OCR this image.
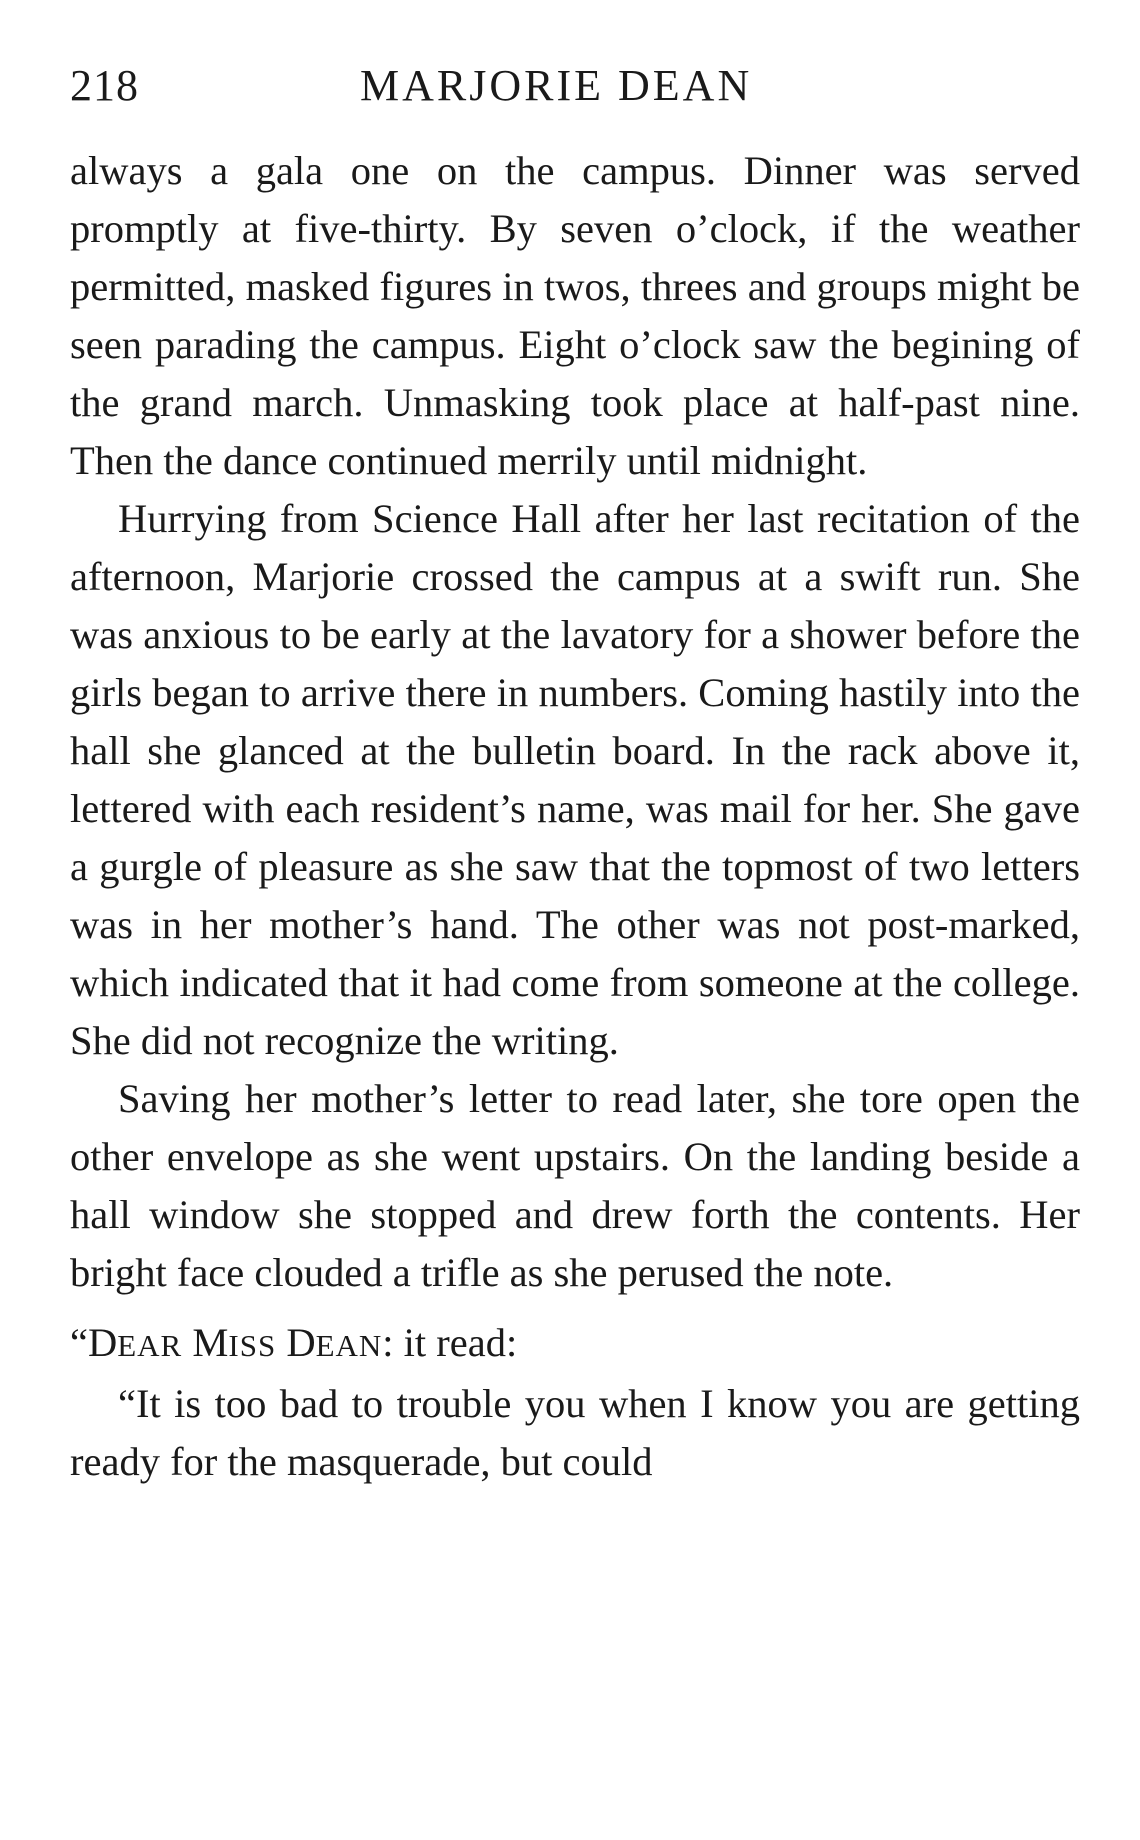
218	MARJORIE DEAN

always a gala one on the campus. Dinner was served promptly at five-thirty. By seven o’clock, if the weather permitted, masked figures in twos, threes and groups might be seen parading the campus. Eight o’clock saw the begining of the grand march. Unmasking took place at half-past nine. Then the dance continued merrily until midnight.

Hurrying from Science Hall after her last recitation of the afternoon, Marjorie crossed the campus at a swift run. She was anxious to be early at the lavatory for a shower before the girls began to arrive there in numbers. Coming hastily into the hall she glanced at the bulletin board. In the rack above it, lettered with each resident’s name, was mail for her. She gave a gurgle of pleasure as she saw that the topmost of two letters was in her mother’s hand. The other was not post-marked, which indicated that it had come from someone at the college. She did not recognize the writing.

Saving her mother’s letter to read later, she tore open the other envelope as she went upstairs. On the landing beside a hall window she stopped and drew forth the contents. Her bright face clouded a trifle as she perused the note.

“DEAR MISS DEAN: it read:

“It is too bad to trouble you when I know you are getting ready for the masquerade, but could
